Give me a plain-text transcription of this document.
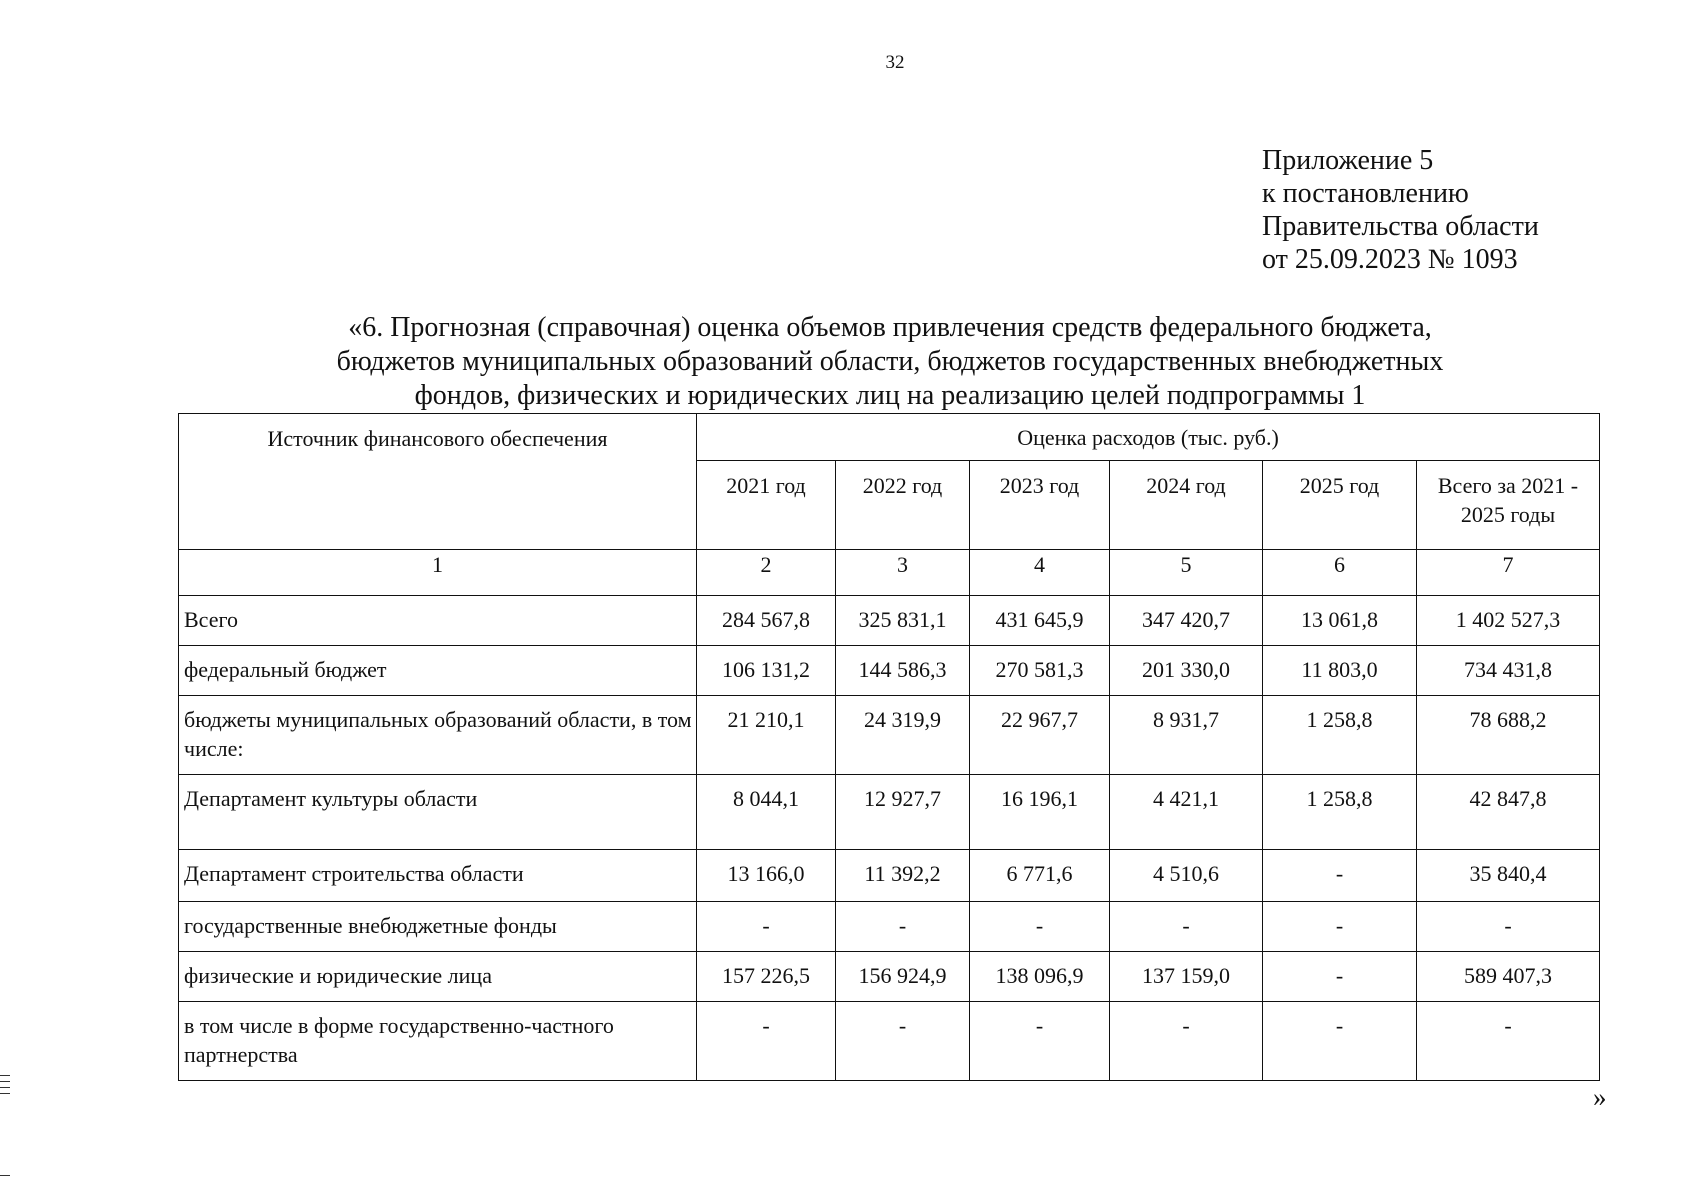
32
Приложение 5
к постановлению
Правительства области
от 25.09.2023 № 1093
«6. Прогнозная (справочная) оценка объемов привлечения средств федерального бюджета,
бюджетов муниципальных образований области, бюджетов государственных внебюджетных
фондов, физических и юридических лиц на реализацию целей подпрограммы 1
Источник финансового обеспечения	Оценка расходов (тыс. руб.)					
	2021 год	2022 год	2023 год	2024 год	2025 год	Всего за 2021 - 2025 годы
1	2	3	4	5	6	7
Всего	284 567,8	325 831,1	431 645,9	347 420,7	13 061,8	1 402 527,3
федеральный бюджет	106 131,2	144 586,3	270 581,3	201 330,0	11 803,0	734 431,8
бюджеты муниципальных образований области, в том числе:	21 210,1	24 319,9	22 967,7	8 931,7	1 258,8	78 688,2
Департамент культуры области	8 044,1	12 927,7	16 196,1	4 421,1	1 258,8	42 847,8
Департамент строительства области	13 166,0	11 392,2	6 771,6	4 510,6	-	35 840,4
государственные внебюджетные фонды	-	-	-	-	-	-
физические и юридические лица	157 226,5	156 924,9	138 096,9	137 159,0	-	589 407,3
в том числе в форме государственно-частного партнерства	-	-	-	-	-	-
»
